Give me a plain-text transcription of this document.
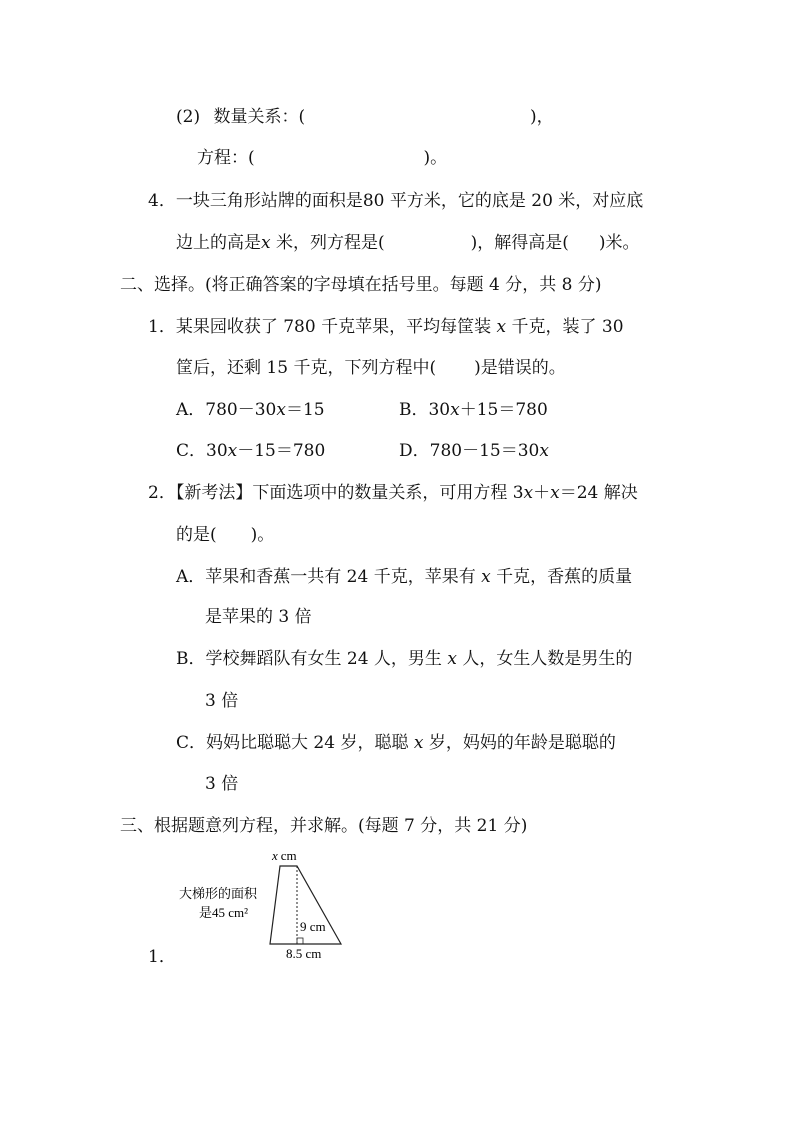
(2) 数量关系：(	)，
方程：(	)。
4．一块三角形站牌的面积是80 平方米，它的底是 20 米，对应底
边上的高是x 米，列方程是(	)，解得高是( )米。
二、选择。(将正确答案的字母填在括号里。每题 4 分，共 8 分)
1．某果园收获了 780 千克苹果，平均每筐装 x 千克，装了 30
筐后，还剩 15 千克，下列方程中( )是错误的。
A．780－30x＝15	B．30x＋15＝780
C．30x－15＝780	D．780－15＝30x
2．【新考法】下面选项中的数量关系，可用方程 3x＋x＝24 解决
的是(　　)。
A．苹果和香蕉一共有 24 千克，苹果有 x 千克，香蕉的质量
是苹果的 3 倍
B．学校舞蹈队有女生 24 人，男生 x 人，女生人数是男生的
3 倍
C．妈妈比聪聪大 24 岁，聪聪 x 岁，妈妈的年龄是聪聪的
3 倍
三、根据题意列方程，并求解。(每题 7 分，共 21 分)
x cm
大梯形的面积
是45 cm²
9 cm
8.5 cm
1．
